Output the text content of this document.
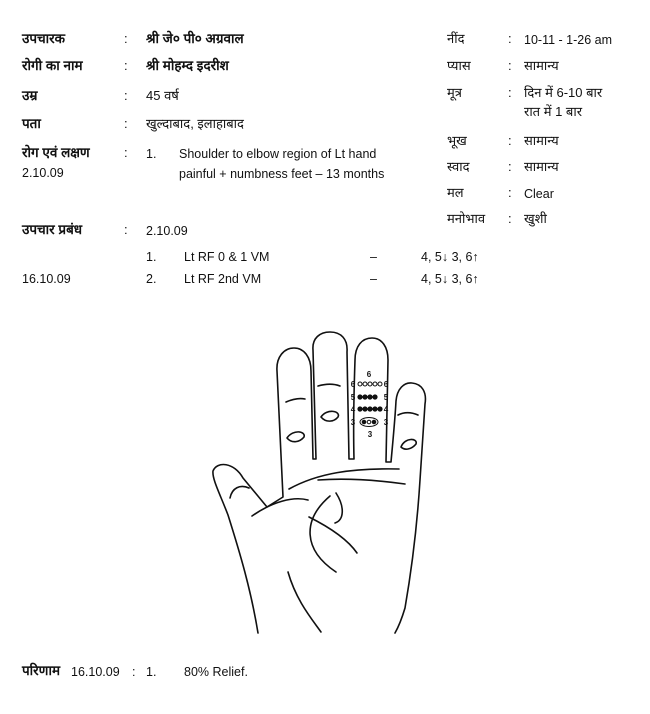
उपचारक	: श्री जे० पी० अग्रवाल
रोगी का नाम	: श्री मोहम्द इदरीश
उम्र	: 45 वर्ष
पता	: खुल्दाबाद, इलाहाबाद
रोग एवं लक्षण	: 1. Shoulder to elbow region of Lt hand
2.10.09	painful + numbness feet – 13 months
नींद	: 10-11 - 1-26 am
प्यास	: सामान्य
मूत्र	: दिन में 6-10 बार
रात में 1 बार
भूख	: सामान्य
स्वाद	: सामान्य
मल	: Clear
मनोभाव : खुशी
उपचार प्रबंध	: 2.10.09
1. Lt RF 0 & 1 VM	–	4, 5↓ 3, 6↑
16.10.09	2. Lt RF 2nd VM	–	4, 5↓ 3, 6↑
6
6	6
5	5
4	4
3	3
3
परिणाम 16.10.09 : 1. 80% Relief.
